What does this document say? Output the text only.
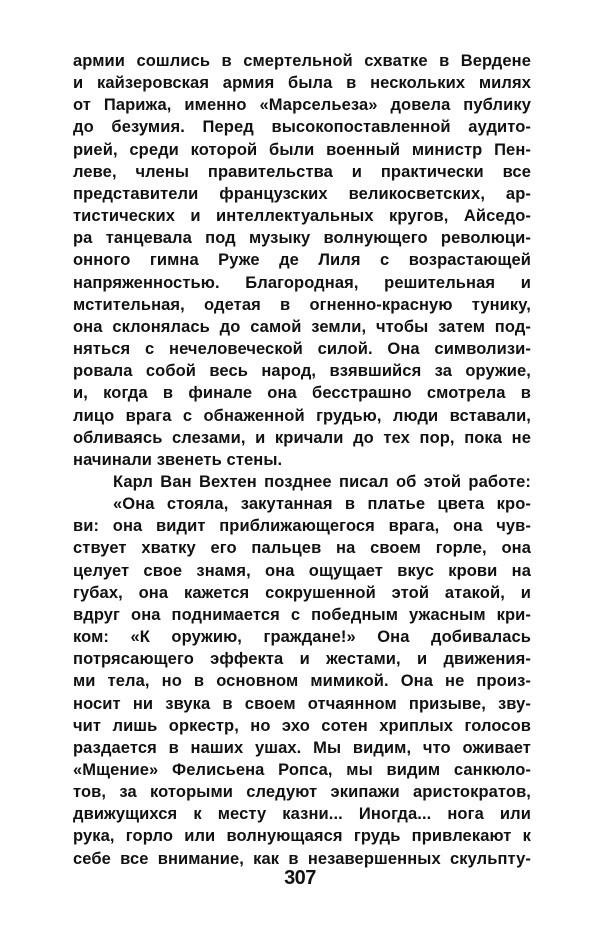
армии сошлись в смертельной схватке в Вердене
и кайзеровская армия была в нескольких милях
от Парижа, именно «Марсельеза» довела публику
до безумия. Перед высокопоставленной аудито-
рией, среди которой были военный министр Пен-
леве, члены правительства и практически все
представители французских великосветских, ар-
тистических и интеллектуальных кругов, Айседо-
ра танцевала под музыку волнующего революци-
онного гимна Руже де Лиля с возрастающей
напряженностью. Благородная, решительная и
мстительная, одетая в огненно-красную тунику,
она склонялась до самой земли, чтобы затем под-
няться с нечеловеческой силой. Она символизи-
ровала собой весь народ, взявшийся за оружие,
и, когда в финале она бесстрашно смотрела в
лицо врага с обнаженной грудью, люди вставали,
обливаясь слезами, и кричали до тех пор, пока не
начинали звенеть стены.
Карл Ван Вехтен позднее писал об этой работе:
«Она стояла, закутанная в платье цвета кро-
ви: она видит приближающегося врага, она чув-
ствует хватку его пальцев на своем горле, она
целует свое знамя, она ощущает вкус крови на
губах, она кажется сокрушенной этой атакой, и
вдруг она поднимается с победным ужасным кри-
ком: «К оружию, граждане!» Она добивалась
потрясающего эффекта и жестами, и движения-
ми тела, но в основном мимикой. Она не произ-
носит ни звука в своем отчаянном призыве, зву-
чит лишь оркестр, но эхо сотен хриплых голосов
раздается в наших ушах. Мы видим, что оживает
«Мщение» Фелисьена Ропса, мы видим санкюло-
тов, за которыми следуют экипажи аристократов,
движущихся к месту казни... Иногда... нога или
рука, горло или волнующаяся грудь привлекают к
себе все внимание, как в незавершенных скульпту-
307
